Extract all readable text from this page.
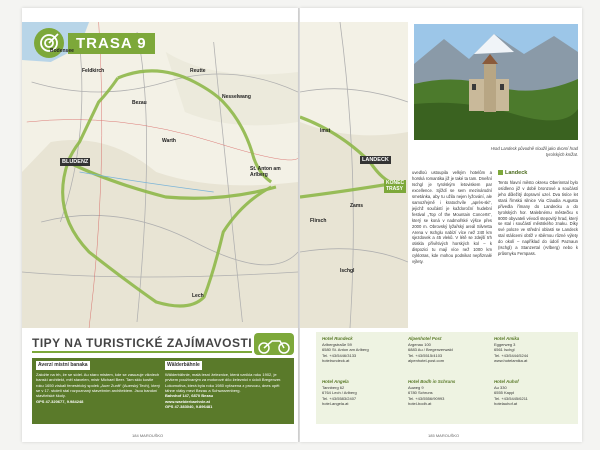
TRASA 9
BLUDENZ
St. Anton am Arlberg
Feldkirch
Bodensee
Reutte
Nesselwang
Bezau
Lech
Warth
TIPY NA TURISTICKÉ ZAJÍMAVOSTI
Averzí místní banaka
Založte na trh, že se sídel. Au staro mistem, kde se zasuzuje viknlech banskí architekt, měl stavelen, mistr Michael Beer. Tam sklo kostle roku 1650 získali fenestrický spolek „Auer Zunft“ (Auerský Tech), který se v 17. století stal rozpoznaný stavebním architektem. Jsou barokní stavitelské školy.
GPS 47.320677, 9.984248
Wälderbähnle
Wälderbähnle, malá lesní železnice, která vznikla roku 1902, je prvkem používaným za motorové dílo železnici v údolí Bregenzer. Lokomotiva, která byla roku 1980 vyřazena z provozu, dnes opět táhne vláky mezi Bezau a Schwarzenberg.
Bahnhof 147, 6870 Bezau
www.waelderbaehnle.at
GPS 47.383040, 9.896481
184 MAROUŠKO
LANDECK
KONEC TRASY
Imst
Zams
Flirsch
Ischgl
Hrad Landeck původně sloužil jako dvorní hrad tyrolských knížat.
uvedloú ustoupila velkým hotelům a horská romantika již je také ta tam. Dnešní Ischgl je tyrolským letoviskem par excellence. Sjíždí se sem mezinárodní smetánka, aby tu užila nejen lyžování, ale samozřejmě i kratochvíle „après-ski“, jejichž součástí je každoroční hudební festival „Top of the Mountain Concerts“, který se koná v nadmořské výšce přes 2000 m. Obrovský lyžařský areál Silvretta Arena v Ischglu nabízí více než 240 km sjezdovek a 45 vleků. V létě se zdejší trh otiskla přívětivých horských kol – k dispozici tu mají více než 1000 km cyklotras, kde mohou podnikat nepřiznalé výlety.
Landeck
Tento hlavní město okresu Oberinntal bylo osídleno již v době bronzové a součástí jeho důležitý dopravní uzel. Dva tisíce let stará římská silnice Via Claudia Augusta přivedla římany do Landecku a do tyrolských hor. Malebnému městečku s 8000 obyvateli vévodí stepovitý hrad, který se stal i součástí městského znaku. Díky své poloze ve střední oblasti se Landeck stal stálicemi obtíž v sběrnou různé výlety do okolí – například do údolí Paznaun (Ischgl) a Stanzertal (Arlberg) nebo k průsmyku Fernpass.
Hotel Rundeck
Arlbergstraße 59
6580 St. Anton am Arlberg
Tel. +43/5446/3133
hotelrundeck.at
Alpenhotel Post
Argenau 100
6883 Au / Bregenzerwald
Tel. +43/5515/4103
alpenhotel-post.com
Hotel Amika
Eggerweg 3
6561 Ischgl
Tel. +43/5444/5244
www.hotelamika.at
Hotel Angela
Tannberg 62
6764 Lech / Arlberg
Tel. +43/5583/2407
hotel-angela.at
Hotel Bodh in Schruns
Auweg 9
6780 Schruns
Tel. +43/5556/90993
hotel-bodh.at
Hotel Auhof
Au 330
6555 Kappl
Tel. +43/5445/6211
hotelauhof.at
185 MAROUŠKO
